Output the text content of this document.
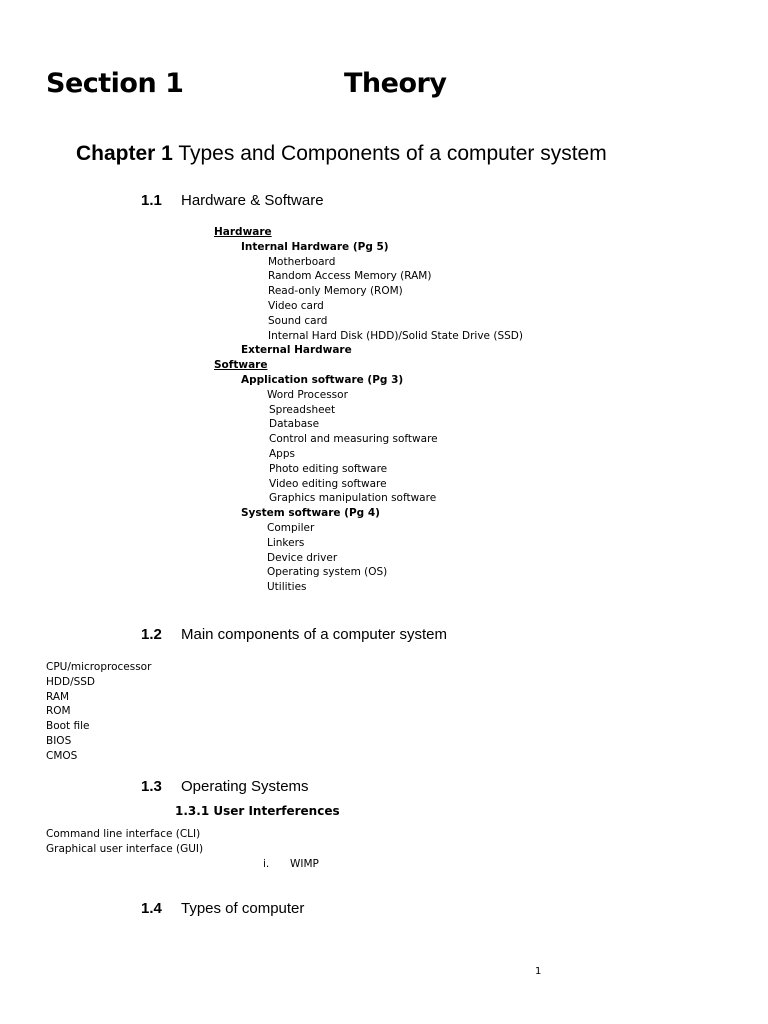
Section 1	Theory
Chapter 1 Types and Components of a computer system
1.1 Hardware & Software
Hardware
Internal Hardware (Pg 5)
Motherboard
Random Access Memory (RAM)
Read-only Memory (ROM)
Video card
Sound card
Internal Hard Disk (HDD)/Solid State Drive (SSD)
External Hardware
Software
Application software (Pg 3)
Word Processor
Spreadsheet
Database
Control and measuring software
Apps
Photo editing software
Video editing software
Graphics manipulation software
System software (Pg 4)
Compiler
Linkers
Device driver
Operating system (OS)
Utilities
1.2 Main components of a computer system
CPU/microprocessor
HDD/SSD
RAM
ROM
Boot file
BIOS
CMOS
1.3 Operating Systems
1.3.1 User Interferences
Command line interface (CLI)
Graphical user interface (GUI)
i. WIMP
1.4 Types of computer
1
